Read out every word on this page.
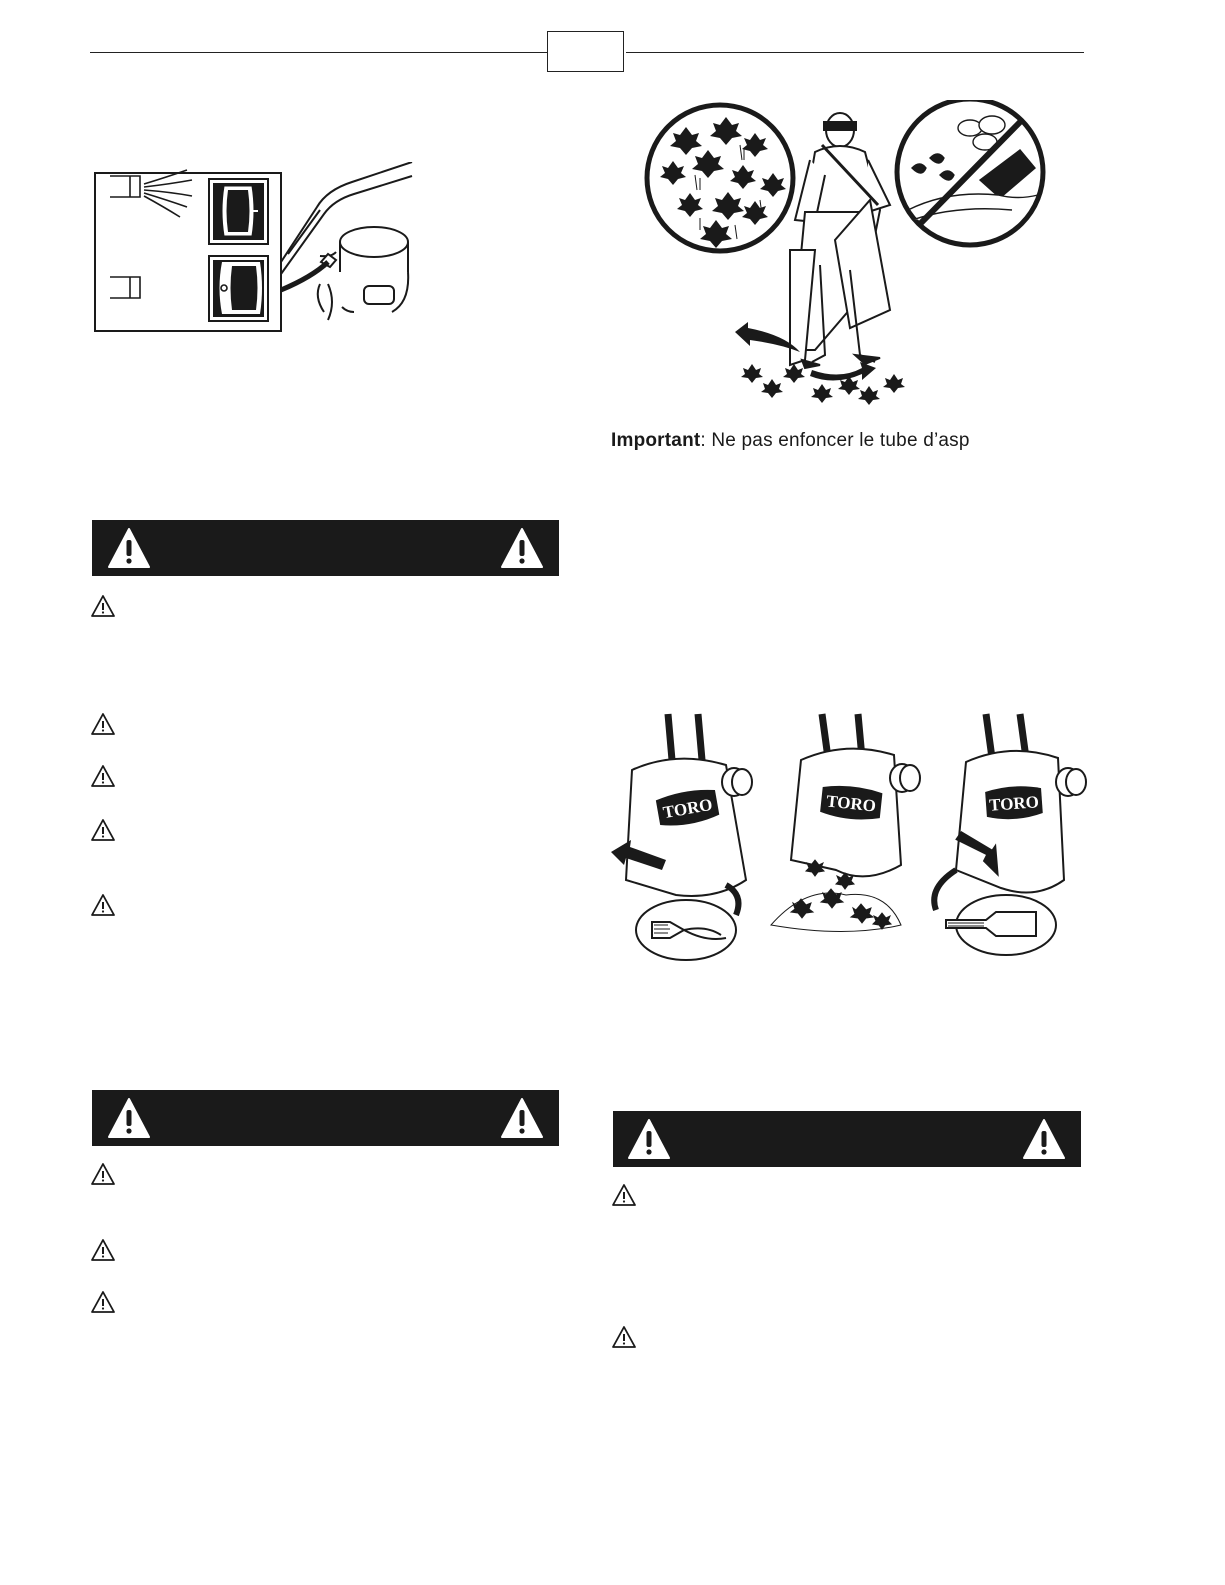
Important: Ne pas enfoncer le tube d’asp
TORO	TORO	TORO
